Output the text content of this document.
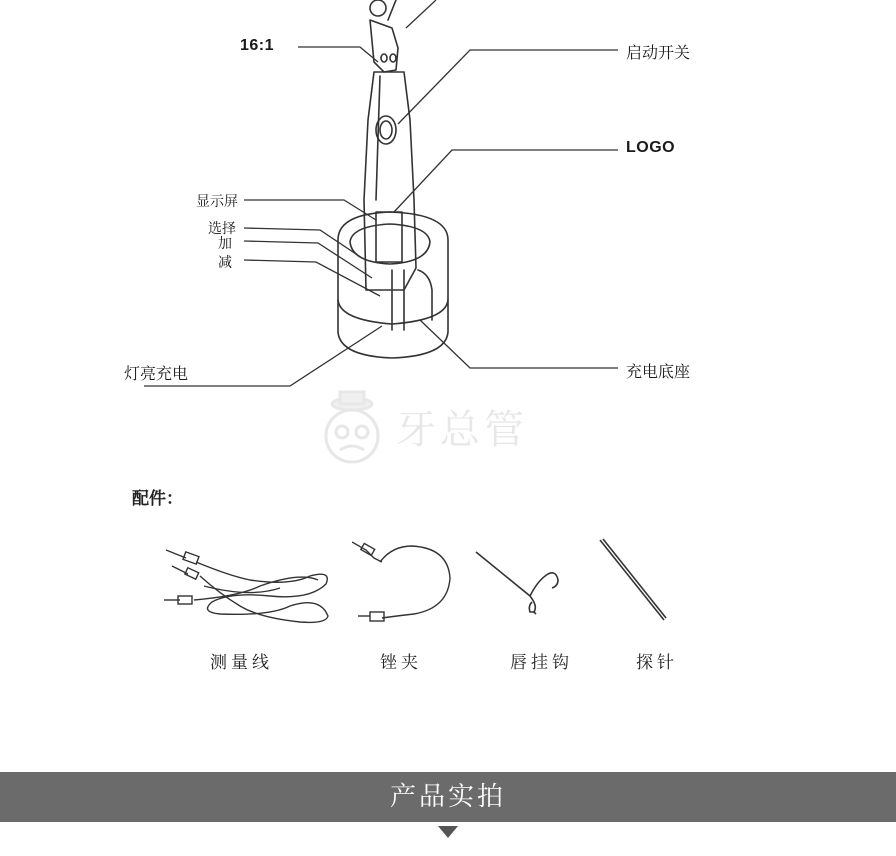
16:1	启动开关
LOGO
显示屏
选择
加
减
灯亮充电	充电底座
牙总管
配件：
测量线	锉夹	唇挂钩	探针
产品实拍
